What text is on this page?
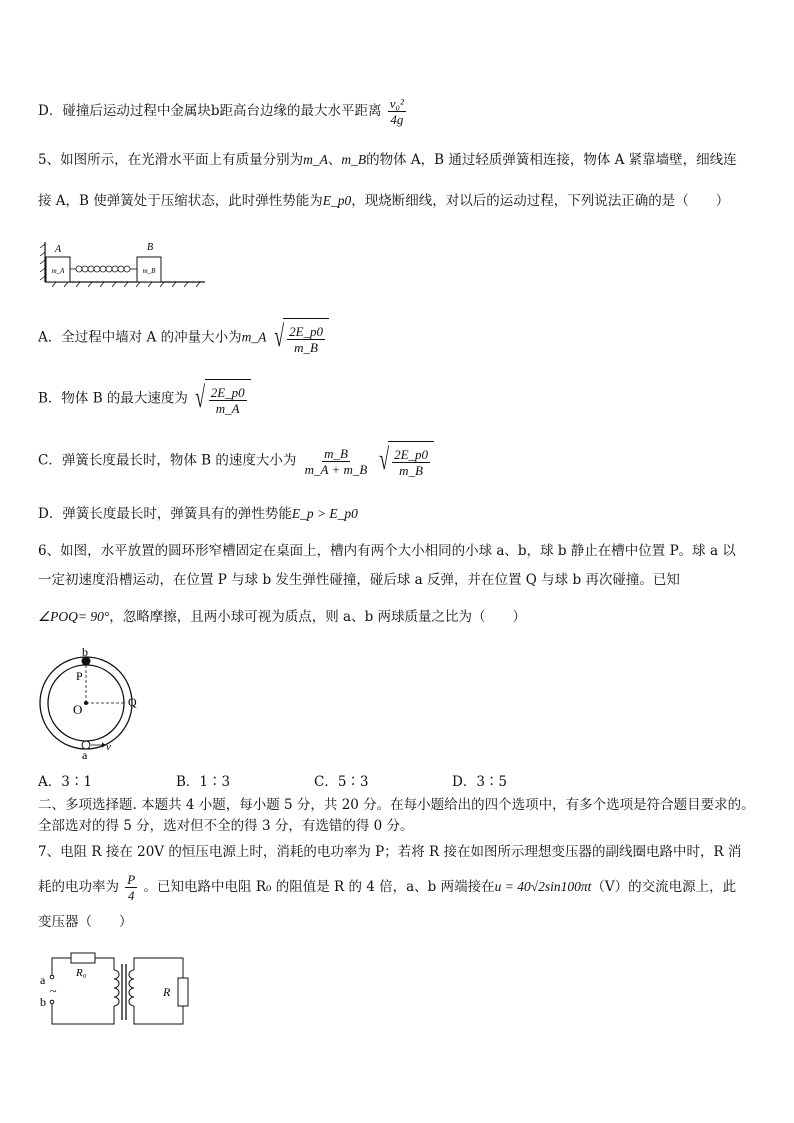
D．碰撞后运动过程中金属块b距高台边缘的最大水平距离 $\frac{\text{v₀²}}{4g}$
5、如图所示，在光滑水平面上有质量分别为m_A、m_B的物体 A，B 通过轻质弹簧相连接，物体 A 紧靠墙壁，细线连
接 A，B 使弹簧处于压缩状态，此时弹性势能为E_p0，现烧断细线，对以后的运动过程，下列说法正确的是（　　）
A	B
m_A	m_B
A．全过程中墙对 A 的冲量大小为m_A √ $\frac{2E\_p0}{m\_B}$
B．物体 B 的最大速度为 √ $\frac{2E\_p0}{m\_A}$
C．弹簧长度最长时，物体 B 的速度大小为 $\frac{m\_B}{m\_A + m\_B}$
√ $\frac{2E\_p0}{m\_B}$
D．弹簧长度最长时，弹簧具有的弹性势能E_p > E_p0
6、如图，水平放置的圆环形窄槽固定在桌面上，槽内有两个大小相同的小球 a、b，球 b 静止在槽中位置 P。球 a 以
一定初速度沿槽运动，在位置 P 与球 b 发生弹性碰撞，碰后球 a 反弹，并在位置 Q 与球 b 再次碰撞。已知
∠POQ= 90°，忽略摩擦，且两小球可视为质点，则 a、b 两球质量之比为（　　）
b
P
O	Q
a
v
A．3∶1	B．1∶3	C．5∶3	D．3∶5
二、多项选择题. 本题共 4 小题，每小题 5 分，共 20 分。在每小题给出的四个选项中，有多个选项是符合题目要求的。
全部选对的得 5 分，选对但不全的得 3 分，有选错的得 0 分。
7、电阻 R 接在 20V 的恒压电源上时，消耗的电功率为 P；若将 R 接在如图所示理想变压器的副线圈电路中时，R 消
耗的电功率为 $\frac{P}{4}$ 。已知电路中电阻 R₀ 的阻值是 R 的 4 倍，a、b 两端接在u = 40√2sin100πt（V）的交流电源上，此
变压器（　　）
a
b
~
R₀
R
